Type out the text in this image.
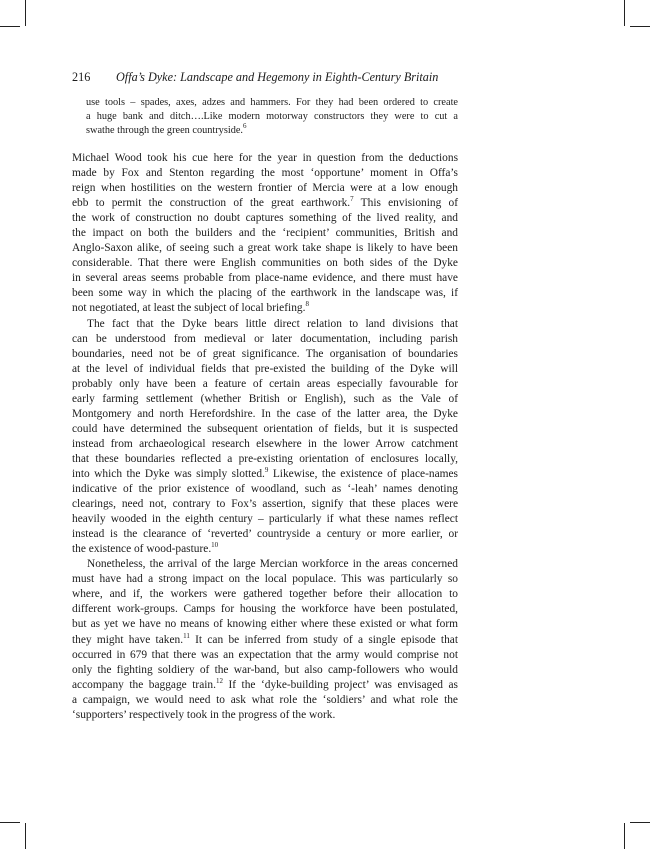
216 Offa’s Dyke: Landscape and Hegemony in Eighth-Century Britain
use tools – spades, axes, adzes and hammers. For they had been ordered to create
a huge bank and ditch….Like modern motorway constructors they were to cut a
swathe through the green countryside.$^6$
Michael Wood took his cue here for the year in question from the deductions
made by Fox and Stenton regarding the most ‘opportune’ moment in Offa’s
reign when hostilities on the western frontier of Mercia were at a low enough
ebb to permit the construction of the great earthwork.$^7$ This envisioning of
the work of construction no doubt captures something of the lived reality, and
the impact on both the builders and the ‘recipient’ communities, British and
Anglo-Saxon alike, of seeing such a great work take shape is likely to have been
considerable. That there were English communities on both sides of the Dyke
in several areas seems probable from place-name evidence, and there must have
been some way in which the placing of the earthwork in the landscape was, if
not negotiated, at least the subject of local briefing.$^8$
The fact that the Dyke bears little direct relation to land divisions that
can be understood from medieval or later documentation, including parish
boundaries, need not be of great significance. The organisation of boundaries
at the level of individual fields that pre-existed the building of the Dyke will
probably only have been a feature of certain areas especially favourable for
early farming settlement (whether British or English), such as the Vale of
Montgomery and north Herefordshire. In the case of the latter area, the Dyke
could have determined the subsequent orientation of fields, but it is suspected
instead from archaeological research elsewhere in the lower Arrow catchment
that these boundaries reflected a pre-existing orientation of enclosures locally,
into which the Dyke was simply slotted.$^9$ Likewise, the existence of place-names
indicative of the prior existence of woodland, such as ‘-leah’ names denoting
clearings, need not, contrary to Fox’s assertion, signify that these places were
heavily wooded in the eighth century – particularly if what these names reflect
instead is the clearance of ‘reverted’ countryside a century or more earlier, or
the existence of wood-pasture.$^{10}$
Nonetheless, the arrival of the large Mercian workforce in the areas concerned
must have had a strong impact on the local populace. This was particularly so
where, and if, the workers were gathered together before their allocation to
different work-groups. Camps for housing the workforce have been postulated,
but as yet we have no means of knowing either where these existed or what form
they might have taken.$^{11}$ It can be inferred from study of a single episode that
occurred in 679 that there was an expectation that the army would comprise not
only the fighting soldiery of the war-band, but also camp-followers who would
accompany the baggage train.$^{12}$ If the ‘dyke-building project’ was envisaged as
a campaign, we would need to ask what role the ‘soldiers’ and what role the
‘supporters’ respectively took in the progress of the work.
